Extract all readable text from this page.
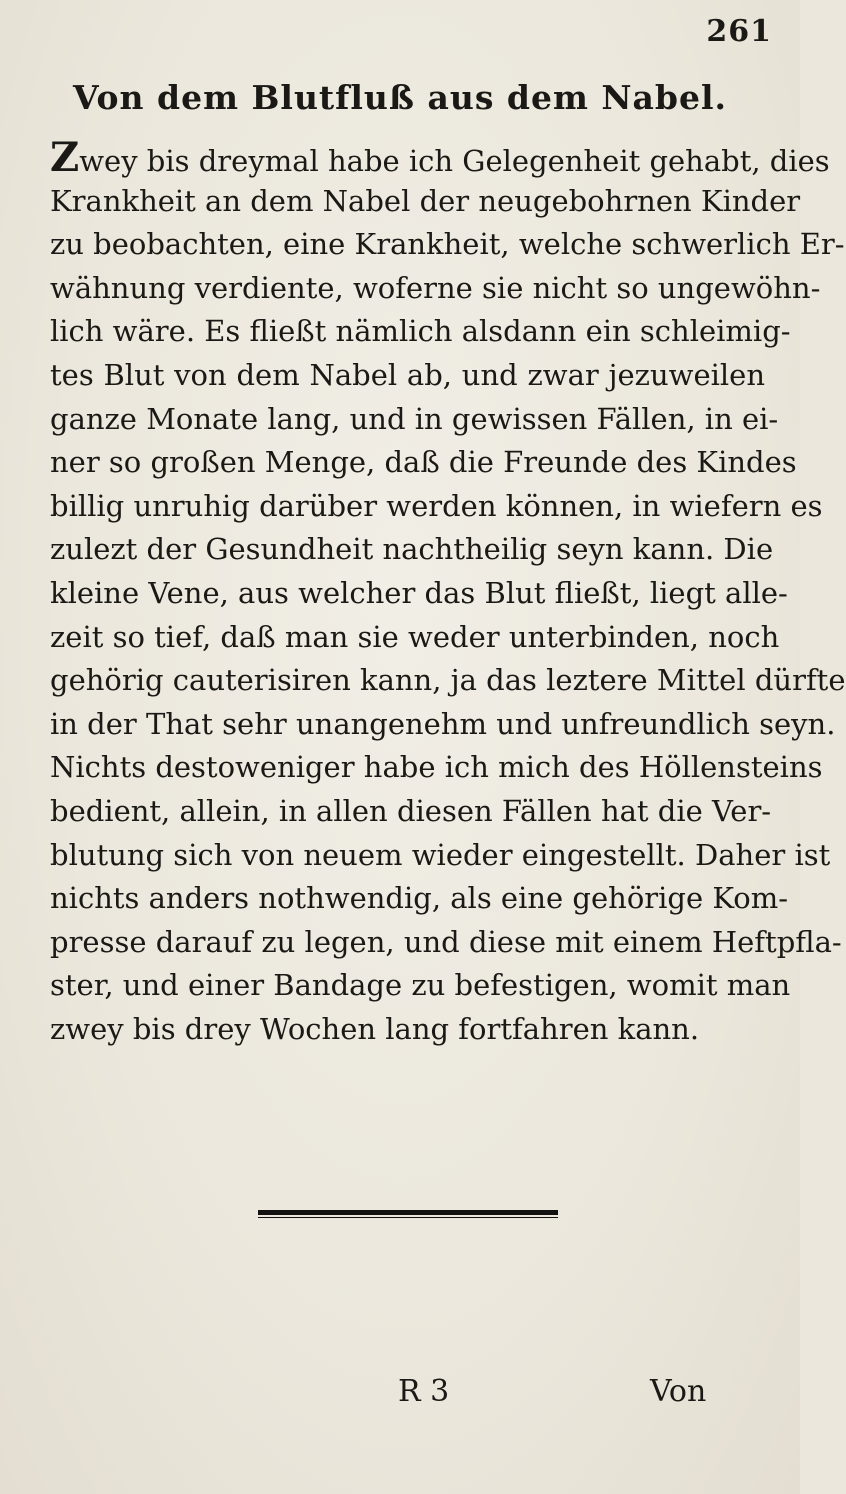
261
Von dem Blutfluß aus dem Nabel.
Zwey bis dreymal habe ich Gelegenheit gehabt, dies
Krankheit an dem Nabel der neugebohrnen Kinder
zu beobachten, eine Krankheit, welche schwerlich Er-
wähnung verdiente, woferne sie nicht so ungewöhn-
lich wäre. Es fließt nämlich alsdann ein schleimig-
tes Blut von dem Nabel ab, und zwar jezuweilen
ganze Monate lang, und in gewissen Fällen, in ei-
ner so großen Menge, daß die Freunde des Kindes
billig unruhig darüber werden können, in wiefern es
zulezt der Gesundheit nachtheilig seyn kann. Die
kleine Vene, aus welcher das Blut fließt, liegt alle-
zeit so tief, daß man sie weder unterbinden, noch
gehörig cauterisiren kann, ja das leztere Mittel dürfte
in der That sehr unangenehm und unfreundlich seyn.
Nichts destoweniger habe ich mich des Höllensteins
bedient, allein, in allen diesen Fällen hat die Ver-
blutung sich von neuem wieder eingestellt. Daher ist
nichts anders nothwendig, als eine gehörige Kom-
presse darauf zu legen, und diese mit einem Heftpfla-
ster, und einer Bandage zu befestigen, womit man
zwey bis drey Wochen lang fortfahren kann.
R 3	Von
